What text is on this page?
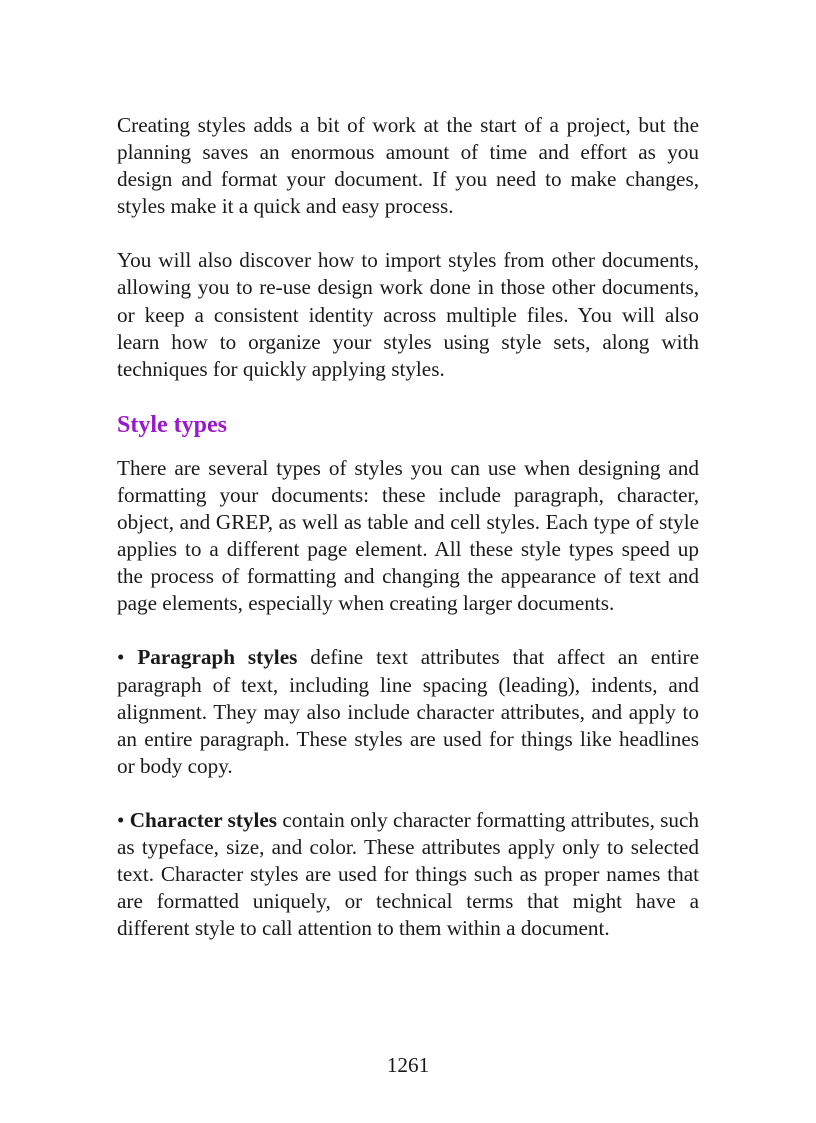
Creating styles adds a bit of work at the start of a project, but the planning saves an enormous amount of time and effort as you design and format your document. If you need to make changes, styles make it a quick and easy process.

You will also discover how to import styles from other documents, allowing you to re-use design work done in those other documents, or keep a consistent identity across multiple files. You will also learn how to organize your styles using style sets, along with techniques for quickly applying styles.

Style types

There are several types of styles you can use when designing and formatting your documents: these include paragraph, character, object, and GREP, as well as table and cell styles. Each type of style applies to a different page element. All these style types speed up the process of formatting and changing the appearance of text and page elements, especially when creating larger documents.

• Paragraph styles define text attributes that affect an entire paragraph of text, including line spacing (leading), indents, and alignment. They may also include character attributes, and apply to an entire paragraph. These styles are used for things like headlines or body copy.

• Character styles contain only character formatting attributes, such as typeface, size, and color. These attributes apply only to selected text. Character styles are used for things such as proper names that are formatted uniquely, or technical terms that might have a different style to call attention to them within a document.

1261
